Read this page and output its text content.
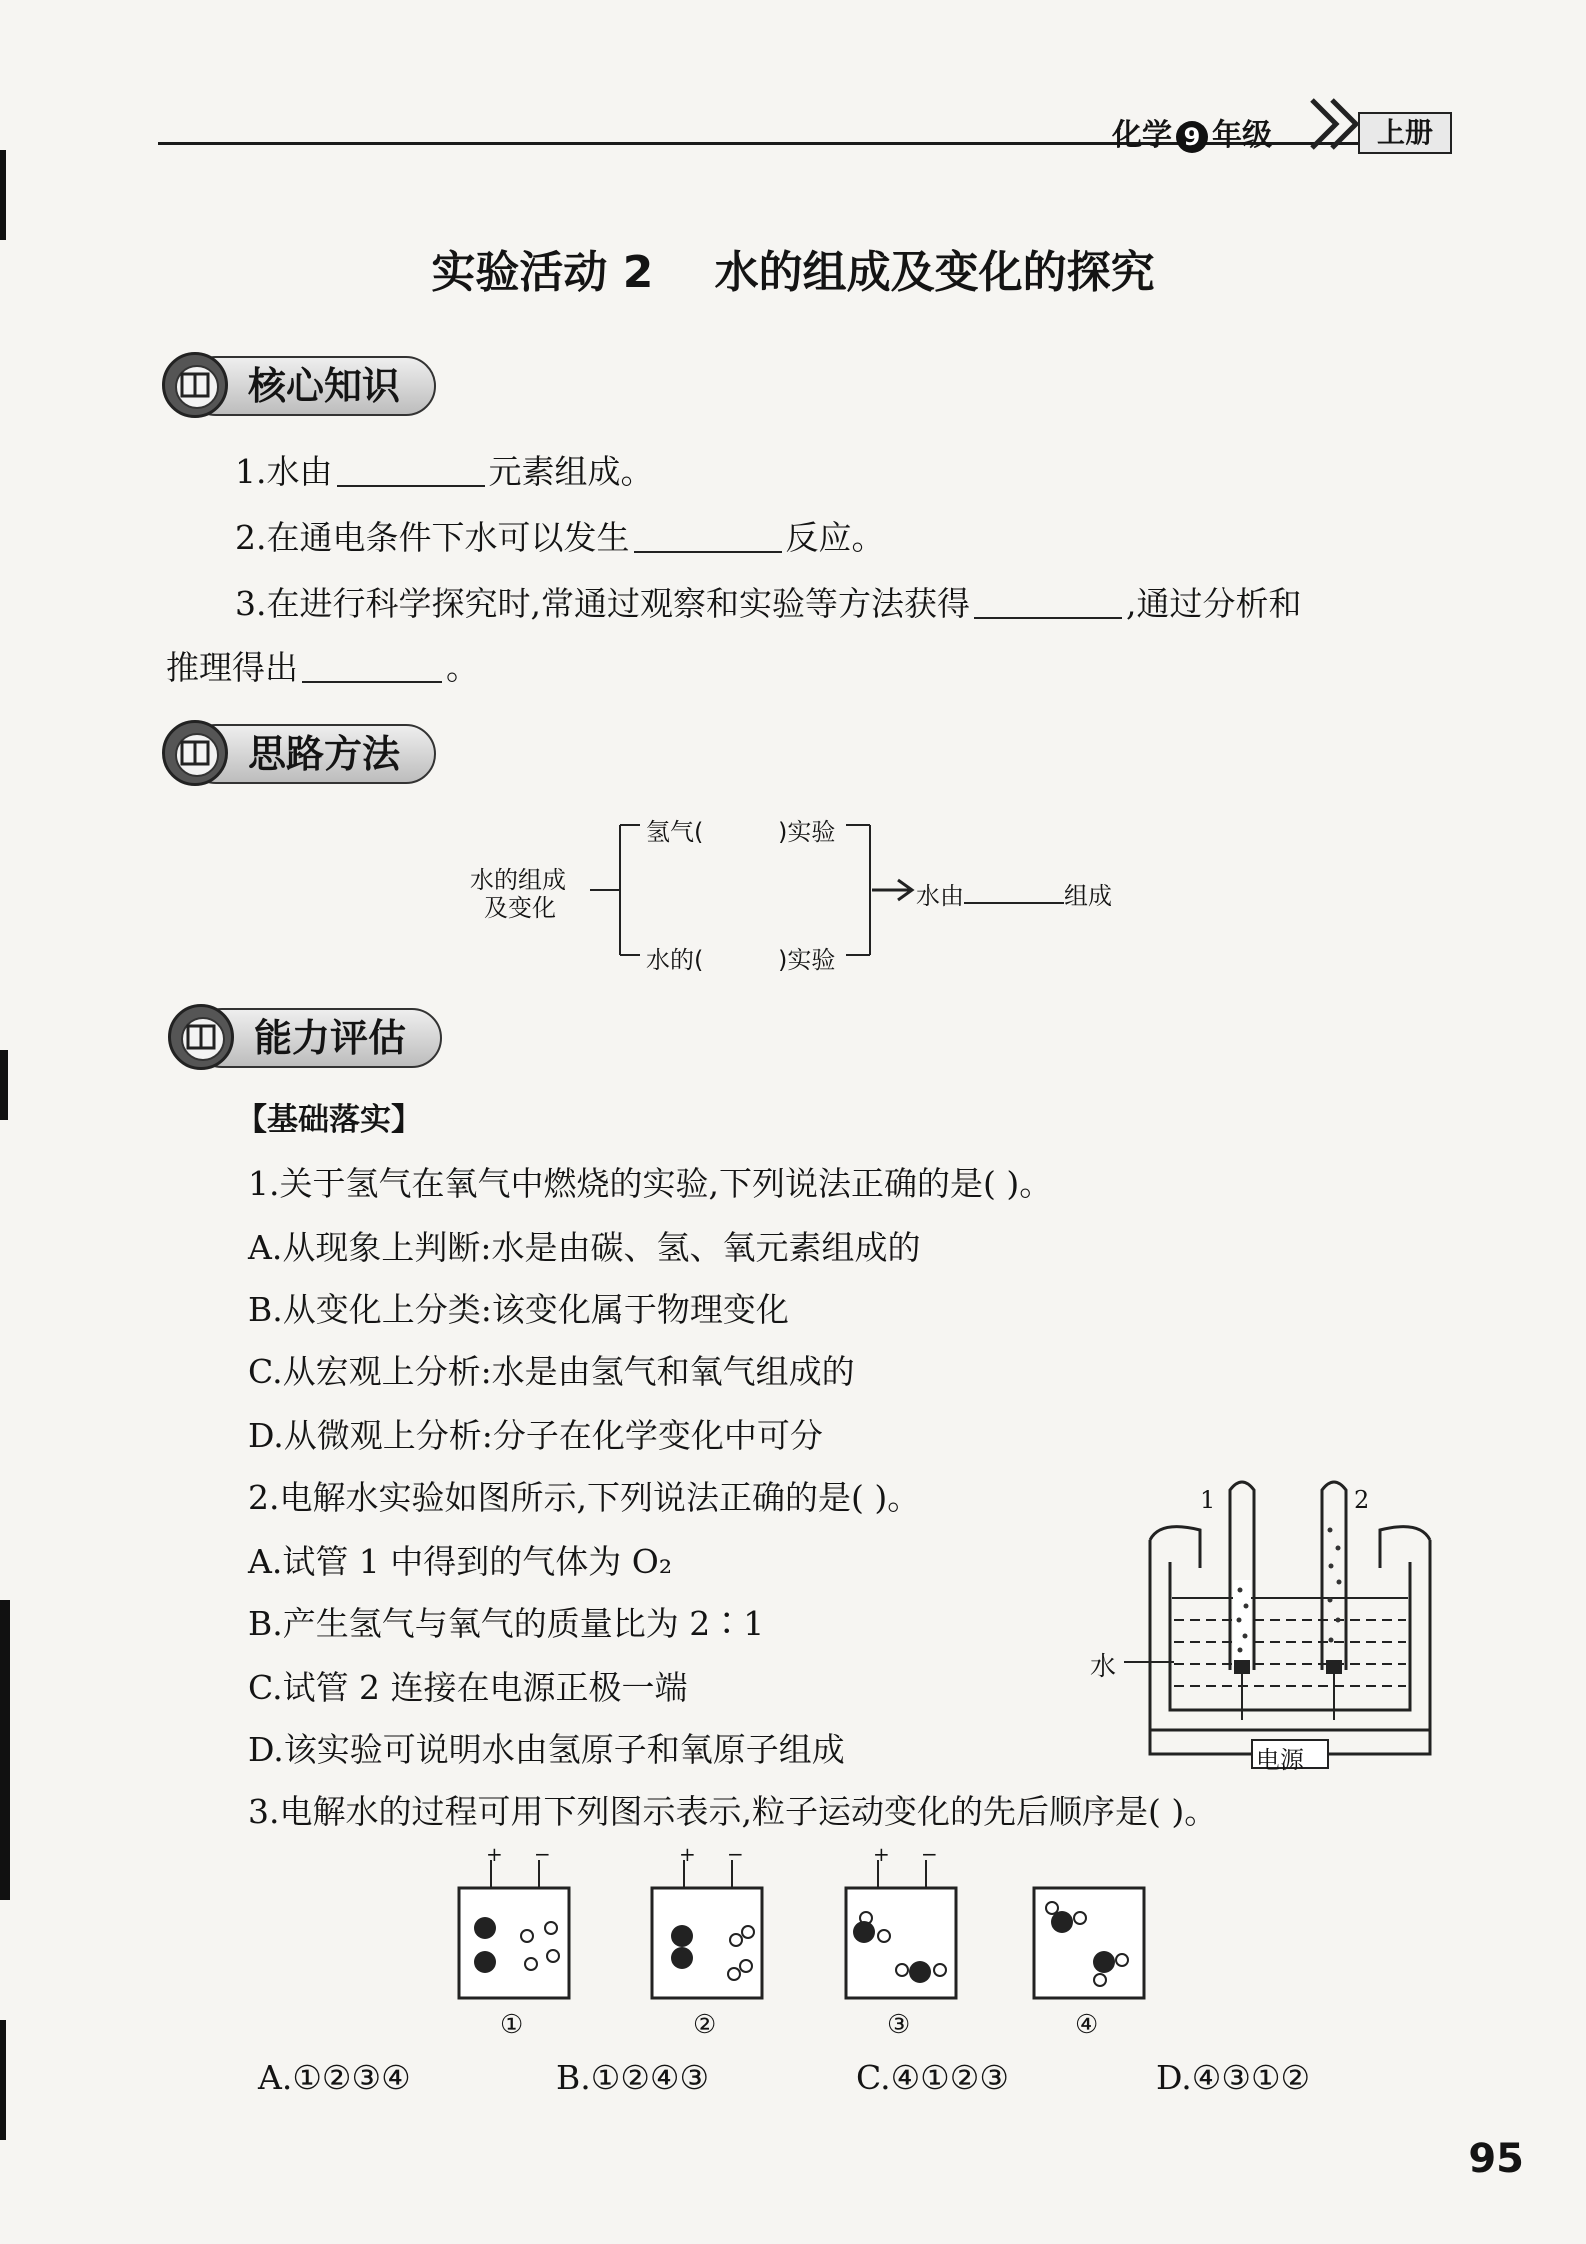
化学 9 年级	上册
实验活动 2    水的组成及变化的探究
核心知识
1.水由	元素组成。
2.在通电条件下水可以发生	反应。
3.在进行科学探究时,常通过观察和实验等方法获得	,通过分析和
推理得出	。
思路方法
水的组成
及变化
氢气(	)实验
水的(	)实验
水由	组成
能力评估
【基础落实】
1.关于氢气在氧气中燃烧的实验,下列说法正确的是( )。
A.从现象上判断:水是由碳、氢、氧元素组成的
B.从变化上分类:该变化属于物理变化
C.从宏观上分析:水是由氢气和氧气组成的
D.从微观上分析:分子在化学变化中可分
2.电解水实验如图所示,下列说法正确的是( )。
A.试管 1 中得到的气体为 O₂
B.产生氢气与氧气的质量比为 2∶1
C.试管 2 连接在电源正极一端
D.该实验可说明水由氢原子和氧原子组成
1	2
水
电源
3.电解水的过程可用下列图示表示,粒子运动变化的先后顺序是( )。
+ −	+ −	+ −
①	②	③	④
A.①②③④	B.①②④③	C.④①②③	D.④③①②
95
